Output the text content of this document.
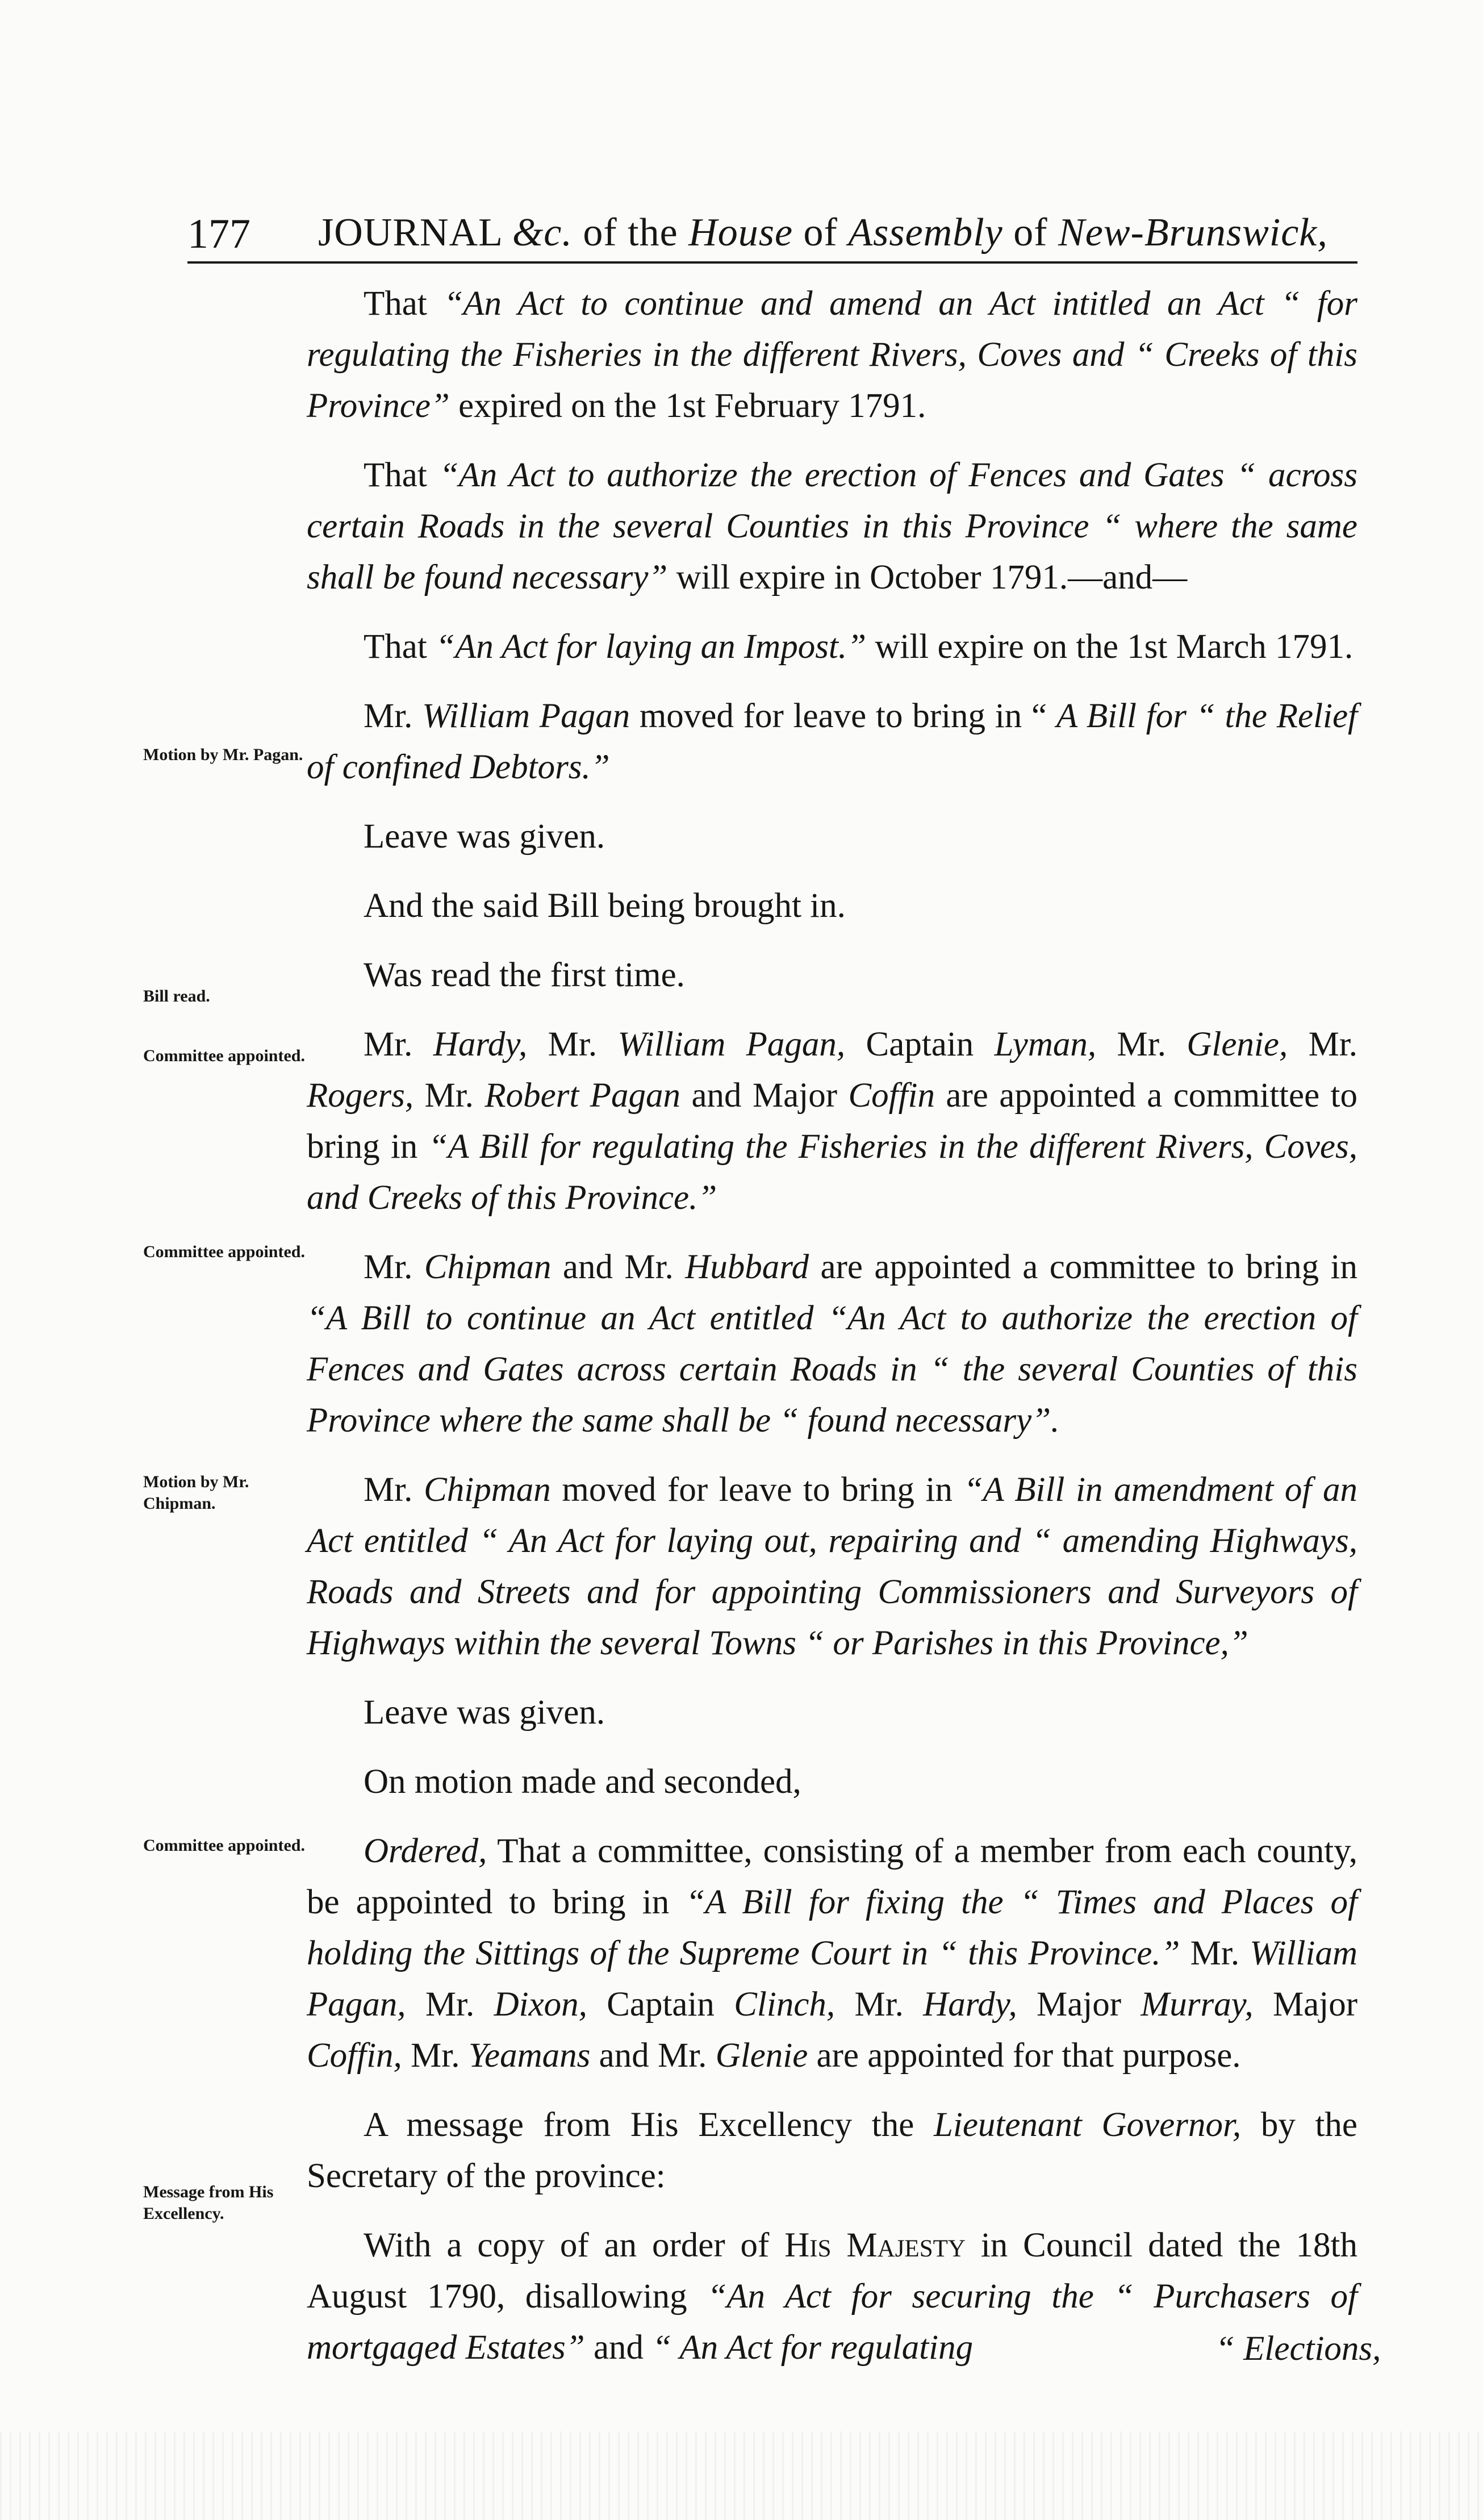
177 JOURNAL &c. of the House of Assembly of New-Brunswick,
Motion by Mr. Pagan.
Bill read.
Committee appointed.
Committee appointed.
Motion by Mr. Chipman.
Committee appointed.
Message from His Excellency.

That “An Act to continue and amend an Act intitled an Act “ for regulating the Fisheries in the different Rivers, Coves and “ Creeks of this Province” expired on the 1st February 1791.

That “An Act to authorize the erection of Fences and Gates “ across certain Roads in the several Counties in this Province “ where the same shall be found necessary” will expire in October 1791.—and—

That “An Act for laying an Impost.” will expire on the 1st March 1791.

Mr. William Pagan moved for leave to bring in “ A Bill for “ the Relief of confined Debtors.”

Leave was given.

And the said Bill being brought in.

Was read the first time.

Mr. Hardy, Mr. William Pagan, Captain Lyman, Mr. Glenie, Mr. Rogers, Mr. Robert Pagan and Major Coffin are appointed a committee to bring in “A Bill for regulating the Fisheries in the different Rivers, Coves, and Creeks of this Province.”

Mr. Chipman and Mr. Hubbard are appointed a committee to bring in “A Bill to continue an Act entitled “An Act to authorize the erection of Fences and Gates across certain Roads in “ the several Counties of this Province where the same shall be “ found necessary”.

Mr. Chipman moved for leave to bring in “A Bill in amendment of an Act entitled “ An Act for laying out, repairing and “ amending Highways, Roads and Streets and for appointing Commissioners and Surveyors of Highways within the several Towns “ or Parishes in this Province,”

Leave was given.

On motion made and seconded,

Ordered, That a committee, consisting of a member from each county, be appointed to bring in “A Bill for fixing the “ Times and Places of holding the Sittings of the Supreme Court in “ this Province.” Mr. William Pagan, Mr. Dixon, Captain Clinch, Mr. Hardy, Major Murray, Major Coffin, Mr. Yeamans and Mr. Glenie are appointed for that purpose.

A message from His Excellency the Lieutenant Governor, by the Secretary of the province:

With a copy of an order of His Majesty in Council dated the 18th August 1790, disallowing “An Act for securing the “ Purchasers of mortgaged Estates” and “ An Act for regulating	“ Elections,
